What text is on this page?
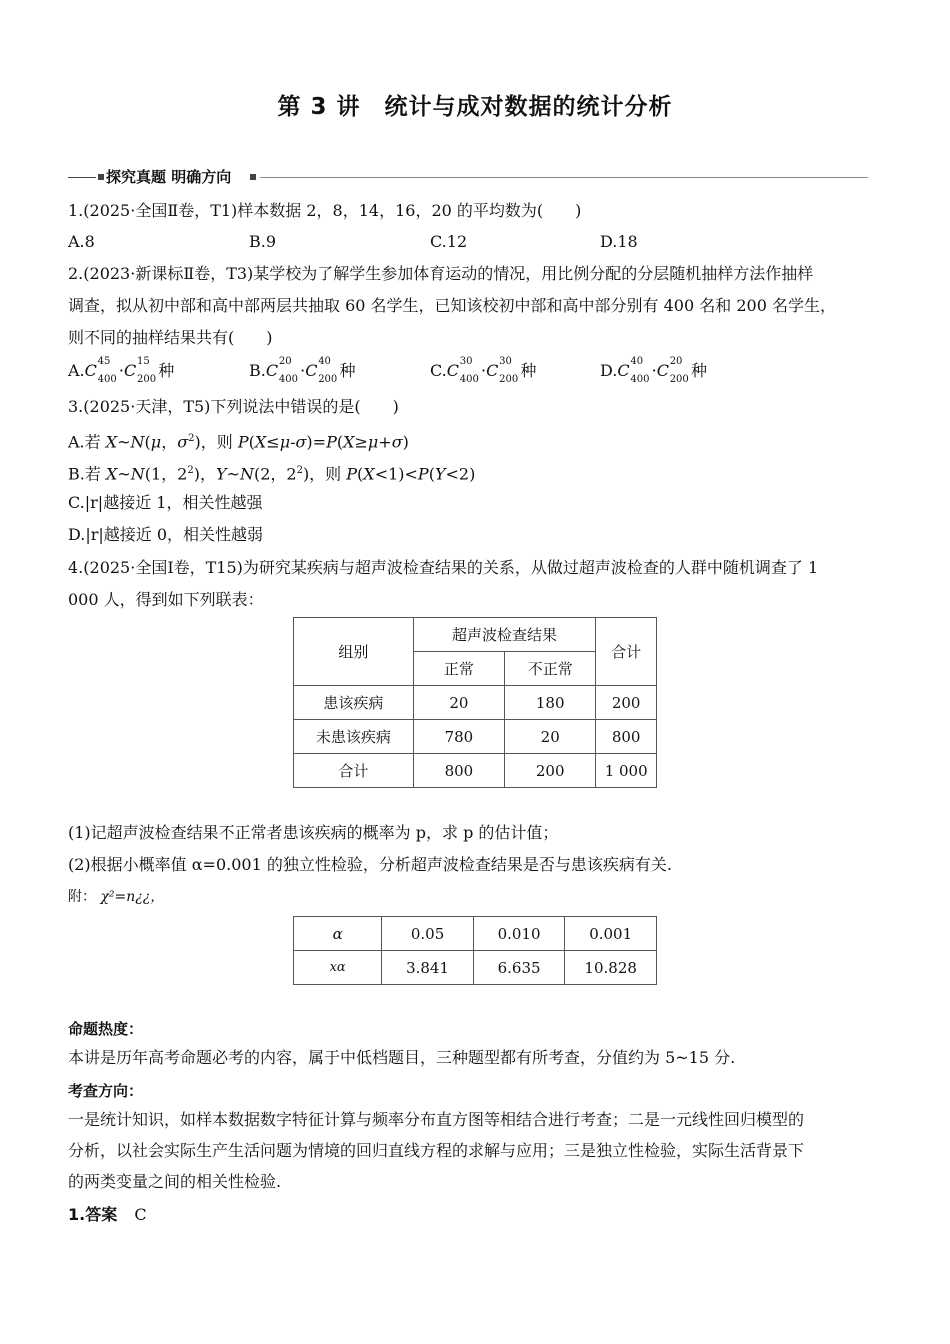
第 3 讲　统计与成对数据的统计分析
探究真题 明确方向
1.(2025·全国Ⅱ卷，T1)样本数据 2，8，14，16，20 的平均数为(　　)
A.8	B.9	C.12	D.18
2.(2023·新课标Ⅱ卷，T3)某学校为了解学生参加体育运动的情况，用比例分配的分层随机抽样方法作抽样
调查，拟从初中部和高中部两层共抽取 60 名学生，已知该校初中部和高中部分别有 400 名和 200 名学生，
则不同的抽样结果共有(　　)
A.C 45
400 ·C 15
200 种	B.C 20
400 ·C 40
200 种	C.C 30
400 ·C 30
200 种	D.C 40
400 ·C 20
200 种
3.(2025·天津，T5)下列说法中错误的是(　　)
A.若 X~N(μ，$\sigma^2$)，则 P(X≤μ-σ)=P(X≥μ+σ)
B.若 X~N(1，$2^2$)，Y~N(2，$2^2$)，则 P(X<1)<P(Y<2)
C.|r|越接近 1，相关性越强
D.|r|越接近 0，相关性越弱
4.(2025·全国Ⅰ卷，T15)为研究某疾病与超声波检查结果的关系，从做过超声波检查的人群中随机调查了 1
000 人，得到如下列联表：
组别	超声波检查结果		合计
	正常	不正常	
患该疾病	20	180	200
未患该疾病	780	20	800
合计	800	200	1 000
(1)记超声波检查结果不正常者患该疾病的概率为 p，求 p 的估计值；
(2)根据小概率值 α=0.001 的独立性检验，分析超声波检查结果是否与患该疾病有关.
附： χ²=n¿¿，
α	0.05	0.010	0.001
xα	3.841	6.635	10.828
命题热度：
本讲是历年高考命题必考的内容，属于中低档题目，三种题型都有所考查，分值约为 5~15 分.
考查方向：
一是统计知识，如样本数据数字特征计算与频率分布直方图等相结合进行考查；二是一元线性回归模型的
分析，以社会实际生产生活问题为情境的回归直线方程的求解与应用；三是独立性检验，实际生活背景下
的两类变量之间的相关性检验.
1.答案 C
